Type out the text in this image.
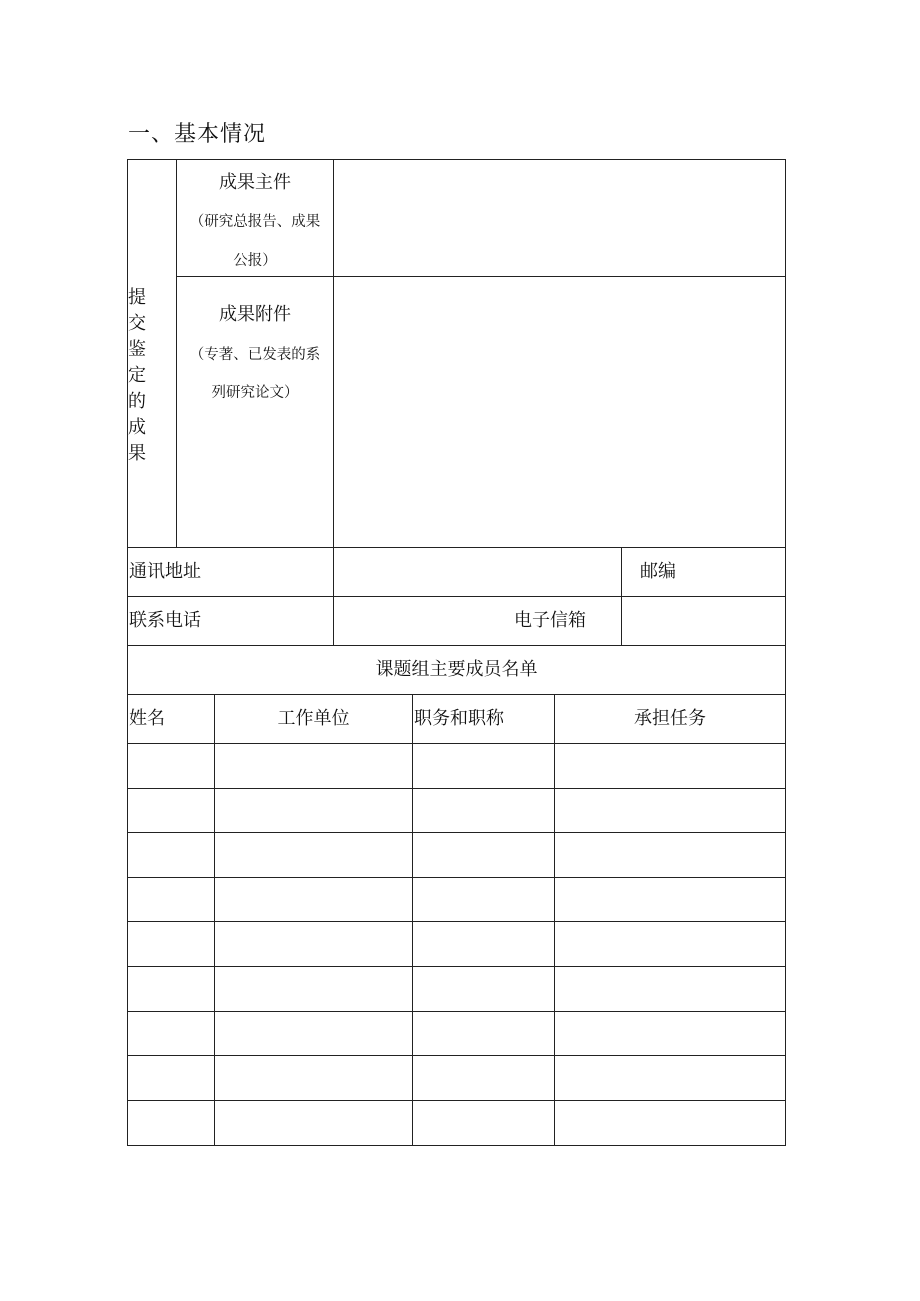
一、基本情况
提交鉴定的成果
成果主件
（研究总报告、成果
公报）
成果附件
（专著、已发表的系
列研究论文）
通讯地址	邮编
联系电话	电子信箱
课题组主要成员名单
姓名	工作单位	职务和职称	承担任务
